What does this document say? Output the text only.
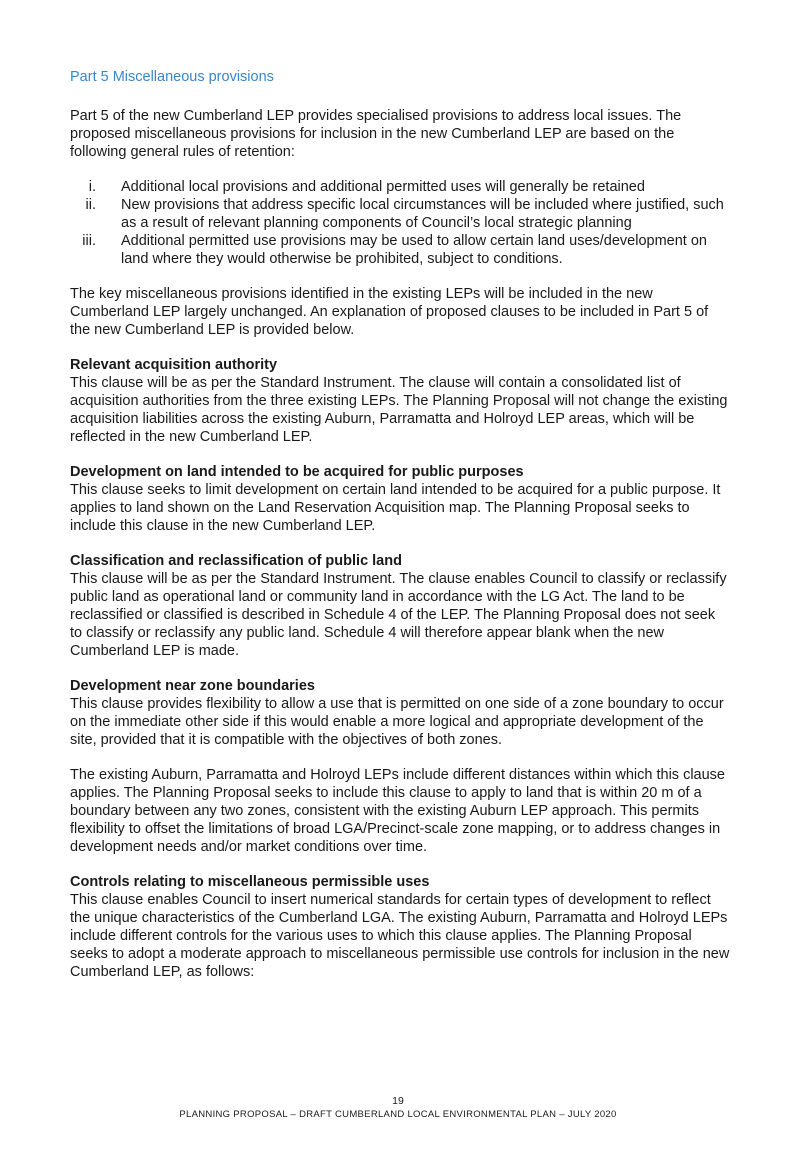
Part 5 Miscellaneous provisions

Part 5 of the new Cumberland LEP provides specialised provisions to address local issues. The proposed miscellaneous provisions for inclusion in the new Cumberland LEP are based on the following general rules of retention:

i. Additional local provisions and additional permitted uses will generally be retained
ii. New provisions that address specific local circumstances will be included where justified, such as a result of relevant planning components of Council’s local strategic planning
iii. Additional permitted use provisions may be used to allow certain land uses/development on land where they would otherwise be prohibited, subject to conditions.

The key miscellaneous provisions identified in the existing LEPs will be included in the new Cumberland LEP largely unchanged. An explanation of proposed clauses to be included in Part 5 of the new Cumberland LEP is provided below.

Relevant acquisition authority

This clause will be as per the Standard Instrument. The clause will contain a consolidated list of acquisition authorities from the three existing LEPs. The Planning Proposal will not change the existing acquisition liabilities across the existing Auburn, Parramatta and Holroyd LEP areas, which will be reflected in the new Cumberland LEP.

Development on land intended to be acquired for public purposes

This clause seeks to limit development on certain land intended to be acquired for a public purpose. It applies to land shown on the Land Reservation Acquisition map. The Planning Proposal seeks to include this clause in the new Cumberland LEP.

Classification and reclassification of public land

This clause will be as per the Standard Instrument. The clause enables Council to classify or reclassify public land as operational land or community land in accordance with the LG Act. The land to be reclassified or classified is described in Schedule 4 of the LEP. The Planning Proposal does not seek to classify or reclassify any public land. Schedule 4 will therefore appear blank when the new Cumberland LEP is made.

Development near zone boundaries

This clause provides flexibility to allow a use that is permitted on one side of a zone boundary to occur on the immediate other side if this would enable a more logical and appropriate development of the site, provided that it is compatible with the objectives of both zones.

The existing Auburn, Parramatta and Holroyd LEPs include different distances within which this clause applies. The Planning Proposal seeks to include this clause to apply to land that is within 20 m of a boundary between any two zones, consistent with the existing Auburn LEP approach. This permits flexibility to offset the limitations of broad LGA/Precinct-scale zone mapping, or to address changes in development needs and/or market conditions over time.

Controls relating to miscellaneous permissible uses

This clause enables Council to insert numerical standards for certain types of development to reflect the unique characteristics of the Cumberland LGA. The existing Auburn, Parramatta and Holroyd LEPs include different controls for the various uses to which this clause applies. The Planning Proposal seeks to adopt a moderate approach to miscellaneous permissible use controls for inclusion in the new Cumberland LEP, as follows:

19
PLANNING PROPOSAL – DRAFT CUMBERLAND LOCAL ENVIRONMENTAL PLAN – JULY 2020
